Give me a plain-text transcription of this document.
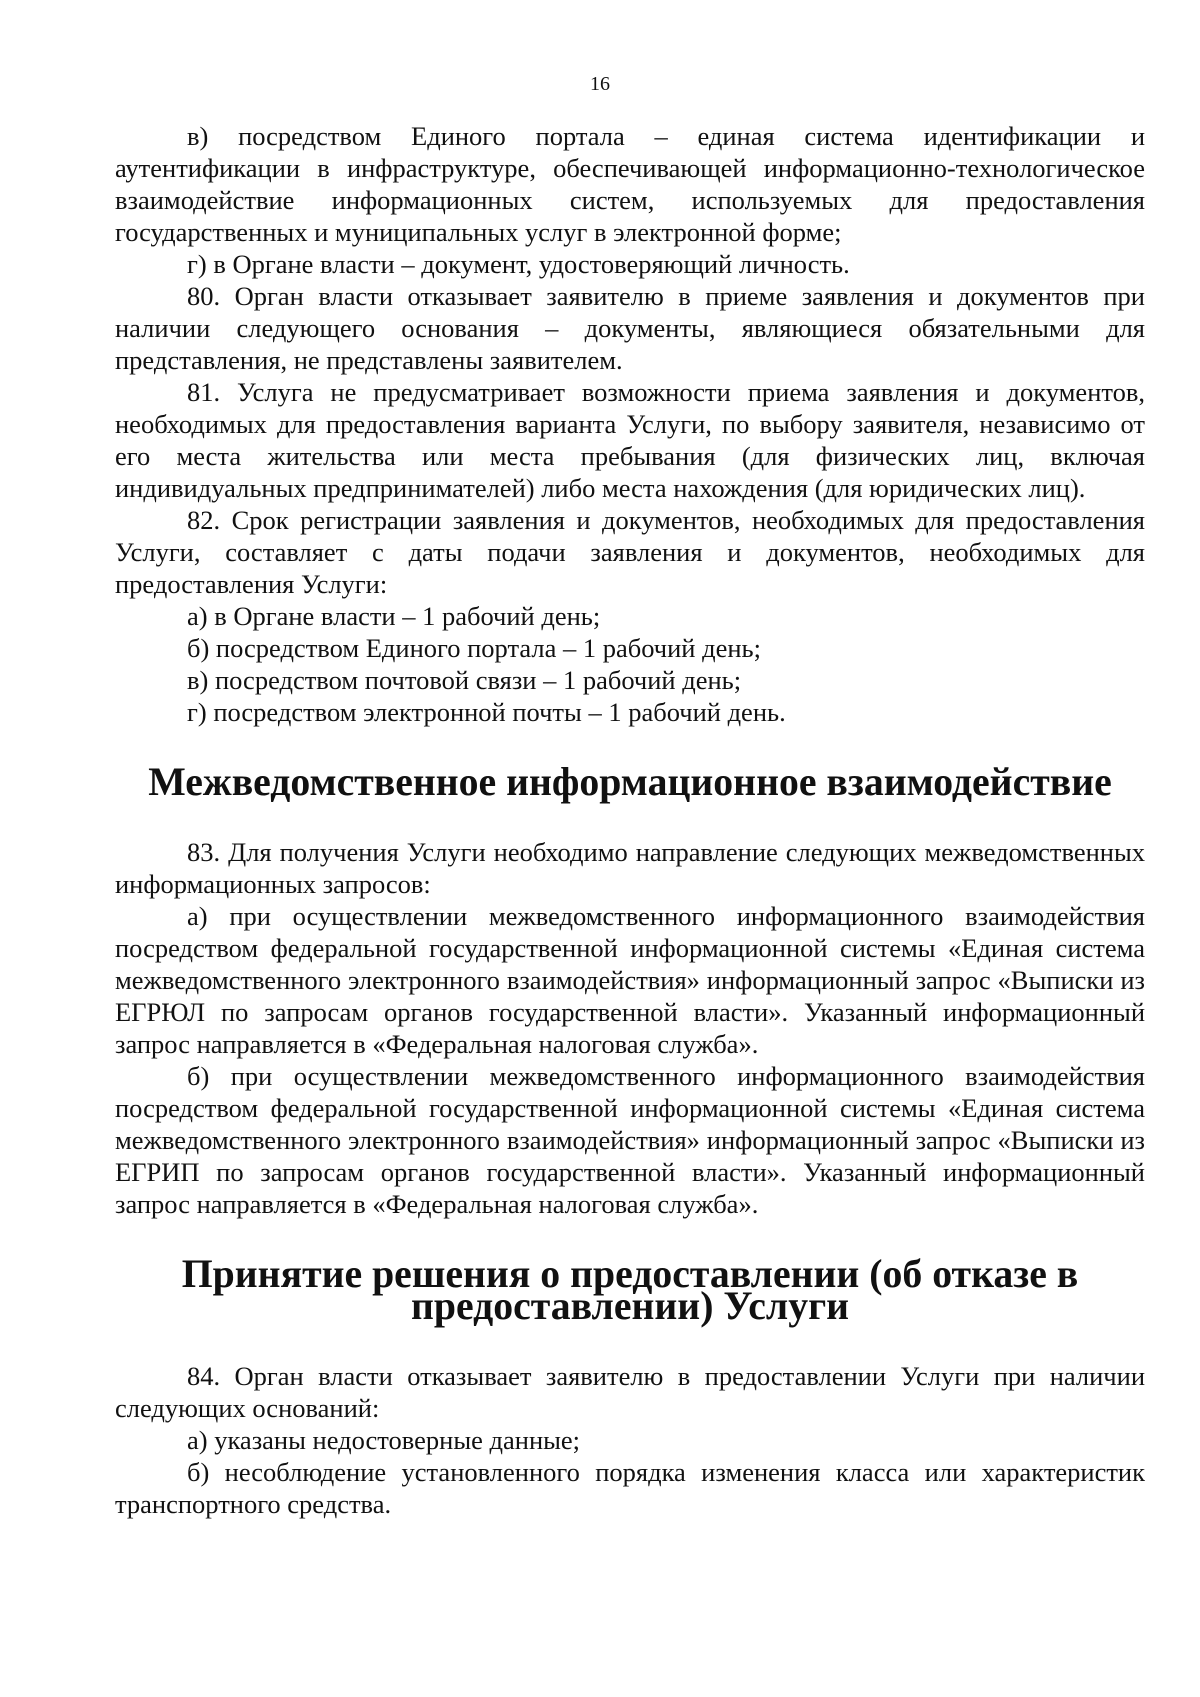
16

в) посредством Единого портала – единая система идентификации и аутентификации в инфраструктуре, обеспечивающей информационно-технологическое взаимодействие информационных систем, используемых для предоставления государственных и муниципальных услуг в электронной форме;

г) в Органе власти – документ, удостоверяющий личность.

80. Орган власти отказывает заявителю в приеме заявления и документов при наличии следующего основания – документы, являющиеся обязательными для представления, не представлены заявителем.

81. Услуга не предусматривает возможности приема заявления и документов, необходимых для предоставления варианта Услуги, по выбору заявителя, независимо от его места жительства или места пребывания (для физических лиц, включая индивидуальных предпринимателей) либо места нахождения (для юридических лиц).

82. Срок регистрации заявления и документов, необходимых для предоставления Услуги, составляет с даты подачи заявления и документов, необходимых для предоставления Услуги:

а) в Органе власти – 1 рабочий день;

б) посредством Единого портала – 1 рабочий день;

в) посредством почтовой связи – 1 рабочий день;

г) посредством электронной почты – 1 рабочий день.

Межведомственное информационное взаимодействие

83. Для получения Услуги необходимо направление следующих межведомственных информационных запросов:

а) при осуществлении межведомственного информационного взаимодействия посредством федеральной государственной информационной системы «Единая система межведомственного электронного взаимодействия» информационный запрос «Выписки из ЕГРЮЛ по запросам органов государственной власти». Указанный информационный запрос направляется в «Федеральная налоговая служба».

б) при осуществлении межведомственного информационного взаимодействия посредством федеральной государственной информационной системы «Единая система межведомственного электронного взаимодействия» информационный запрос «Выписки из ЕГРИП по запросам органов государственной власти». Указанный информационный запрос направляется в «Федеральная налоговая служба».

Принятие решения о предоставлении (об отказе в предоставлении) Услуги

84. Орган власти отказывает заявителю в предоставлении Услуги при наличии следующих оснований:

а) указаны недостоверные данные;

б) несоблюдение установленного порядка изменения класса или характеристик транспортного средства.
